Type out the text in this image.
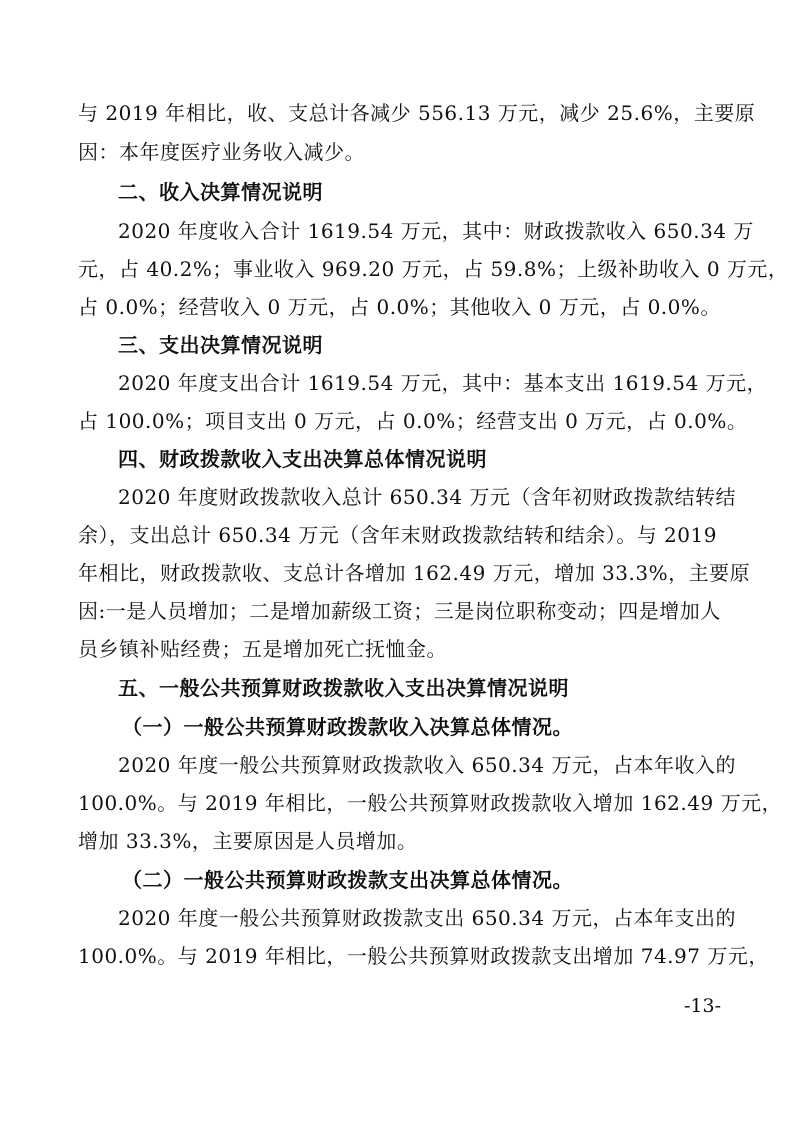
与 2019 年相比，收、支总计各减少 556.13 万元，减少 25.6%，主要原
因：本年度医疗业务收入减少。
二、收入决算情况说明
2020 年度收入合计 1619.54 万元，其中：财政拨款收入 650.34 万
元，占 40.2%；事业收入 969.20 万元，占 59.8%；上级补助收入 0 万元，
占 0.0%；经营收入 0 万元，占 0.0%；其他收入 0 万元，占 0.0%。
三、支出决算情况说明
2020 年度支出合计 1619.54 万元，其中：基本支出 1619.54 万元，
占 100.0%；项目支出 0 万元，占 0.0%；经营支出 0 万元，占 0.0%。
四、财政拨款收入支出决算总体情况说明
2020 年度财政拨款收入总计 650.34 万元（含年初财政拨款结转结
余），支出总计 650.34 万元（含年末财政拨款结转和结余）。与 2019
年相比，财政拨款收、支总计各增加 162.49 万元，增加 33.3%，主要原
因:一是人员增加；二是增加薪级工资；三是岗位职称变动；四是增加人
员乡镇补贴经费；五是增加死亡抚恤金。
五、一般公共预算财政拨款收入支出决算情况说明
（一）一般公共预算财政拨款收入决算总体情况。
2020 年度一般公共预算财政拨款收入 650.34 万元，占本年收入的
100.0%。与 2019 年相比，一般公共预算财政拨款收入增加 162.49 万元，
增加 33.3%，主要原因是人员增加。
（二）一般公共预算财政拨款支出决算总体情况。
2020 年度一般公共预算财政拨款支出 650.34 万元，占本年支出的
100.0%。与 2019 年相比，一般公共预算财政拨款支出增加 74.97 万元，
-13-
